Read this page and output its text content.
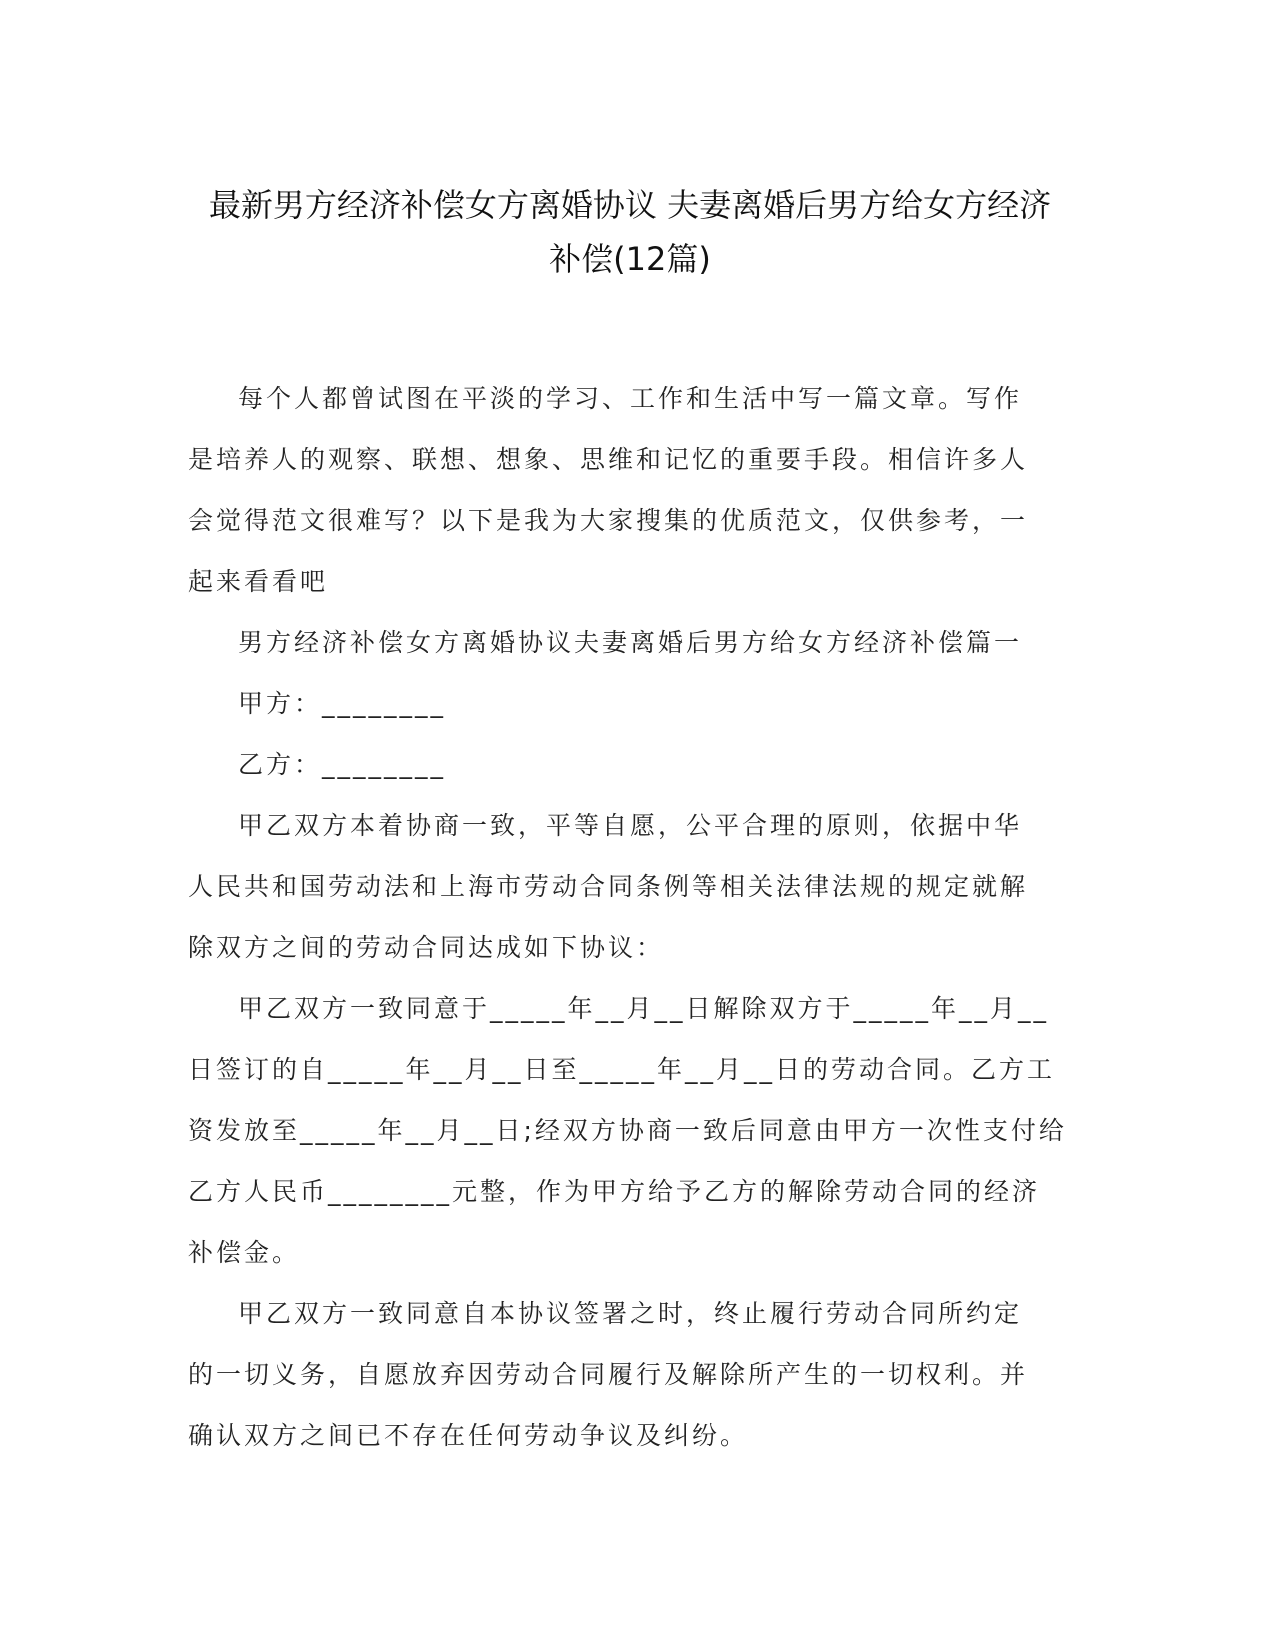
最新男方经济补偿女方离婚协议 夫妻离婚后男方给女方经济
补偿(12篇)
每个人都曾试图在平淡的学习、工作和生活中写一篇文章。写作
是培养人的观察、联想、想象、思维和记忆的重要手段。相信许多人
会觉得范文很难写？以下是我为大家搜集的优质范文，仅供参考，一
起来看看吧
男方经济补偿女方离婚协议夫妻离婚后男方给女方经济补偿篇一
甲方：________
乙方：________
甲乙双方本着协商一致，平等自愿，公平合理的原则，依据中华
人民共和国劳动法和上海市劳动合同条例等相关法律法规的规定就解
除双方之间的劳动合同达成如下协议：
甲乙双方一致同意于_____年__月__日解除双方于_____年__月__
日签订的自_____年__月__日至_____年__月__日的劳动合同。乙方工
资发放至_____年__月__日;经双方协商一致后同意由甲方一次性支付给
乙方人民币________元整，作为甲方给予乙方的解除劳动合同的经济
补偿金。
甲乙双方一致同意自本协议签署之时，终止履行劳动合同所约定
的一切义务，自愿放弃因劳动合同履行及解除所产生的一切权利。并
确认双方之间已不存在任何劳动争议及纠纷。
